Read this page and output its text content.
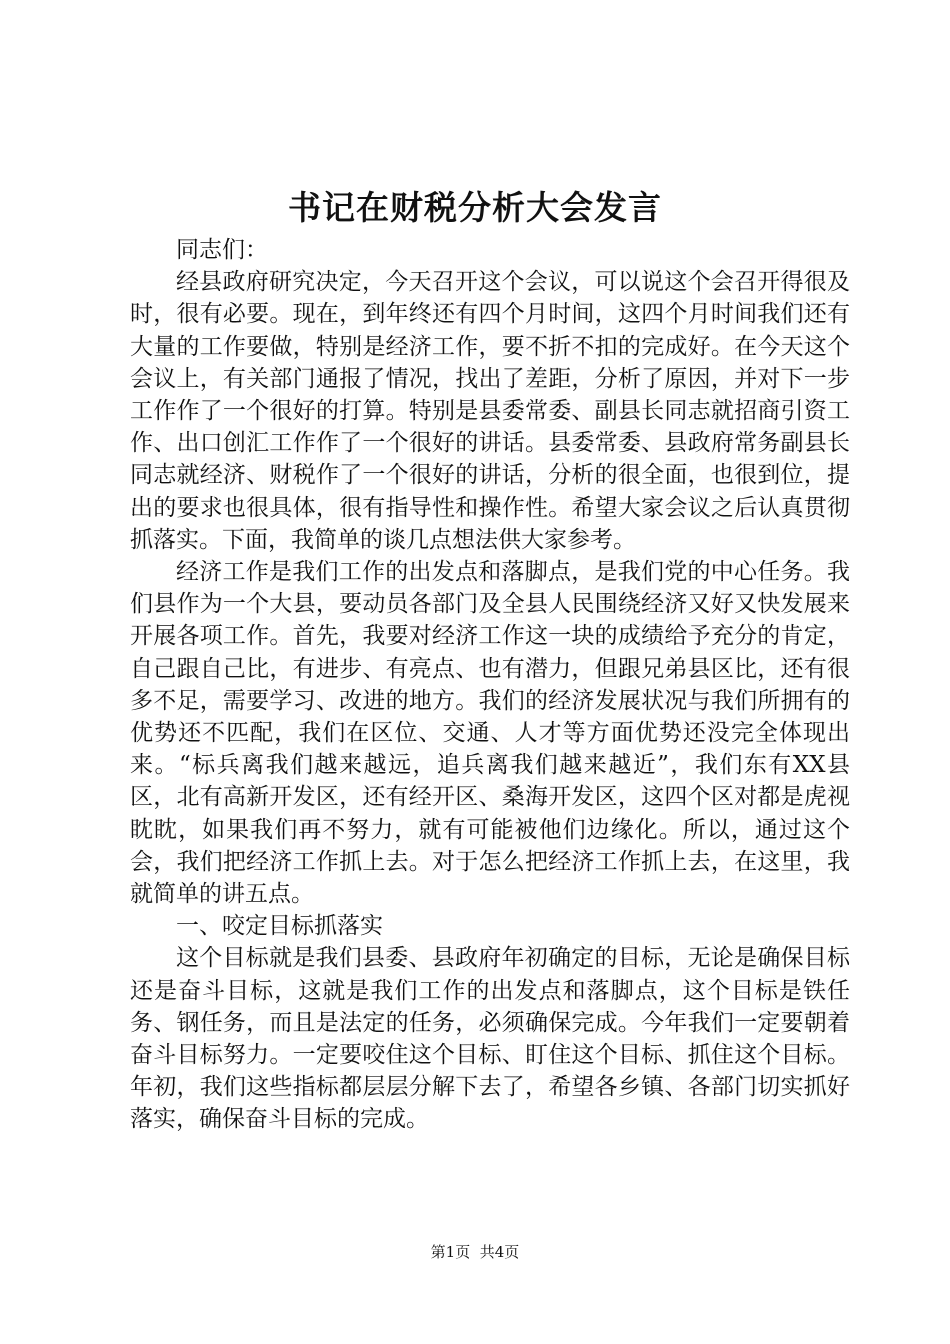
书记在财税分析大会发言

同志们：

经县政府研究决定，今天召开这个会议，可以说这个会召开得很及时，很有必要。现在，到年终还有四个月时间，这四个月时间我们还有大量的工作要做，特别是经济工作，要不折不扣的完成好。在今天这个会议上，有关部门通报了情况，找出了差距，分析了原因，并对下一步工作作了一个很好的打算。特别是县委常委、副县长同志就招商引资工作、出口创汇工作作了一个很好的讲话。县委常委、县政府常务副县长同志就经济、财税作了一个很好的讲话，分析的很全面，也很到位，提出的要求也很具体，很有指导性和操作性。希望大家会议之后认真贯彻抓落实。下面，我简单的谈几点想法供大家参考。

经济工作是我们工作的出发点和落脚点，是我们党的中心任务。我们县作为一个大县，要动员各部门及全县人民围绕经济又好又快发展来开展各项工作。首先，我要对经济工作这一块的成绩给予充分的肯定，自己跟自己比，有进步、有亮点、也有潜力，但跟兄弟县区比，还有很多不足，需要学习、改进的地方。我们的经济发展状况与我们所拥有的优势还不匹配，我们在区位、交通、人才等方面优势还没完全体现出来。“标兵离我们越来越远，追兵离我们越来越近”，我们东有XX县区，北有高新开发区，还有经开区、桑海开发区，这四个区对都是虎视眈眈，如果我们再不努力，就有可能被他们边缘化。所以，通过这个会，我们把经济工作抓上去。对于怎么把经济工作抓上去，在这里，我就简单的讲五点。

一、咬定目标抓落实

这个目标就是我们县委、县政府年初确定的目标，无论是确保目标还是奋斗目标，这就是我们工作的出发点和落脚点，这个目标是铁任务、钢任务，而且是法定的任务，必须确保完成。今年我们一定要朝着奋斗目标努力。一定要咬住这个目标、盯住这个目标、抓住这个目标。年初，我们这些指标都层层分解下去了，希望各乡镇、各部门切实抓好落实，确保奋斗目标的完成。

第1页 共4页
